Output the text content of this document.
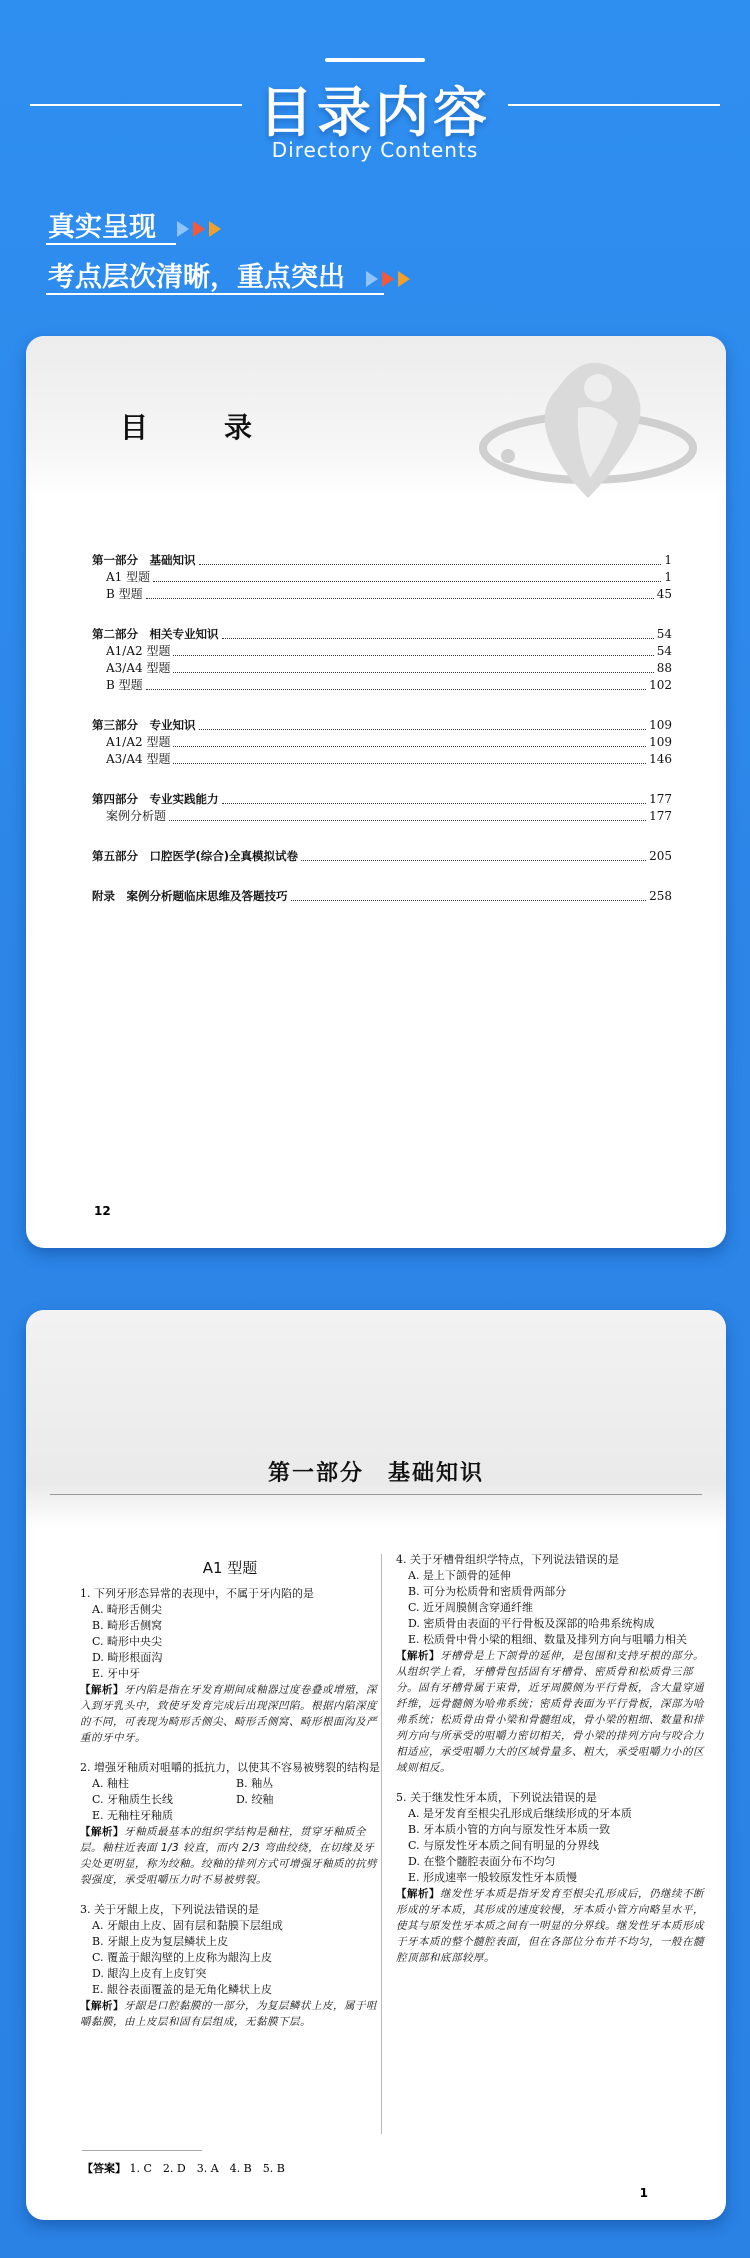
目录内容
Directory Contents
真实呈现
考点层次清晰，重点突出
目　录
第一部分　基础知识	1
A1 型题	1
B 型题	45
第二部分　相关专业知识	54
A1/A2 型题	54
A3/A4 型题	88
B 型题	102
第三部分　专业知识	109
A1/A2 型题	109
A3/A4 型题	146
第四部分　专业实践能力	177
案例分析题	177
第五部分　口腔医学(综合)全真模拟试卷	205
附录　案例分析题临床思维及答题技巧	258
12
第一部分　基础知识
A1 型题
1. 下列牙形态异常的表现中，不属于牙内陷的是
A. 畸形舌侧尖
B. 畸形舌侧窝
C. 畸形中央尖
D. 畸形根面沟
E. 牙中牙
【解析】牙内陷是指在牙发育期间成釉器过度卷叠或增殖，深入到牙乳头中，致使牙发育完成后出现深凹陷。根据内陷深度的不同，可表现为畸形舌侧尖、畸形舌侧窝、畸形根面沟及严重的牙中牙。
2. 增强牙釉质对咀嚼的抵抗力，以使其不容易被劈裂的结构是
A. 釉柱	B. 釉丛
C. 牙釉质生长线	D. 绞釉
E. 无釉柱牙釉质
【解析】牙釉质最基本的组织学结构是釉柱，贯穿牙釉质全层。釉柱近表面 1/3 较直，而内 2/3 弯曲绞绕，在切缘及牙尖处更明显，称为绞釉。绞釉的排列方式可增强牙釉质的抗劈裂强度，承受咀嚼压力时不易被劈裂。
3. 关于牙龈上皮，下列说法错误的是
A. 牙龈由上皮、固有层和黏膜下层组成
B. 牙龈上皮为复层鳞状上皮
C. 覆盖于龈沟壁的上皮称为龈沟上皮
D. 龈沟上皮有上皮钉突
E. 龈谷表面覆盖的是无角化鳞状上皮
【解析】牙龈是口腔黏膜的一部分，为复层鳞状上皮，属于咀嚼黏膜，由上皮层和固有层组成，无黏膜下层。
4. 关于牙槽骨组织学特点，下列说法错误的是
A. 是上下颌骨的延伸
B. 可分为松质骨和密质骨两部分
C. 近牙周膜侧含穿通纤维
D. 密质骨由表面的平行骨板及深部的哈弗系统构成
E. 松质骨中骨小梁的粗细、数量及排列方向与咀嚼力相关
【解析】牙槽骨是上下颌骨的延伸，是包围和支持牙根的部分。从组织学上看，牙槽骨包括固有牙槽骨、密质骨和松质骨三部分。固有牙槽骨属于束骨，近牙周膜侧为平行骨板，含大量穿通纤维，远骨髓侧为哈弗系统；密质骨表面为平行骨板，深部为哈弗系统；松质骨由骨小梁和骨髓组成，骨小梁的粗细、数量和排列方向与所承受的咀嚼力密切相关，骨小梁的排列方向与咬合力相适应，承受咀嚼力大的区域骨量多、粗大，承受咀嚼力小的区域则相反。
5. 关于继发性牙本质，下列说法错误的是
A. 是牙发育至根尖孔形成后继续形成的牙本质
B. 牙本质小管的方向与原发性牙本质一致
C. 与原发性牙本质之间有明显的分界线
D. 在整个髓腔表面分布不均匀
E. 形成速率一般较原发性牙本质慢
【解析】继发性牙本质是指牙发育至根尖孔形成后，仍继续不断形成的牙本质，其形成的速度较慢，牙本质小管方向略呈水平，使其与原发性牙本质之间有一明显的分界线。继发性牙本质形成于牙本质的整个髓腔表面，但在各部位分布并不均匀，一般在髓腔顶部和底部较厚。
【答案】 1. C　2. D　3. A　4. B　5. B
1
